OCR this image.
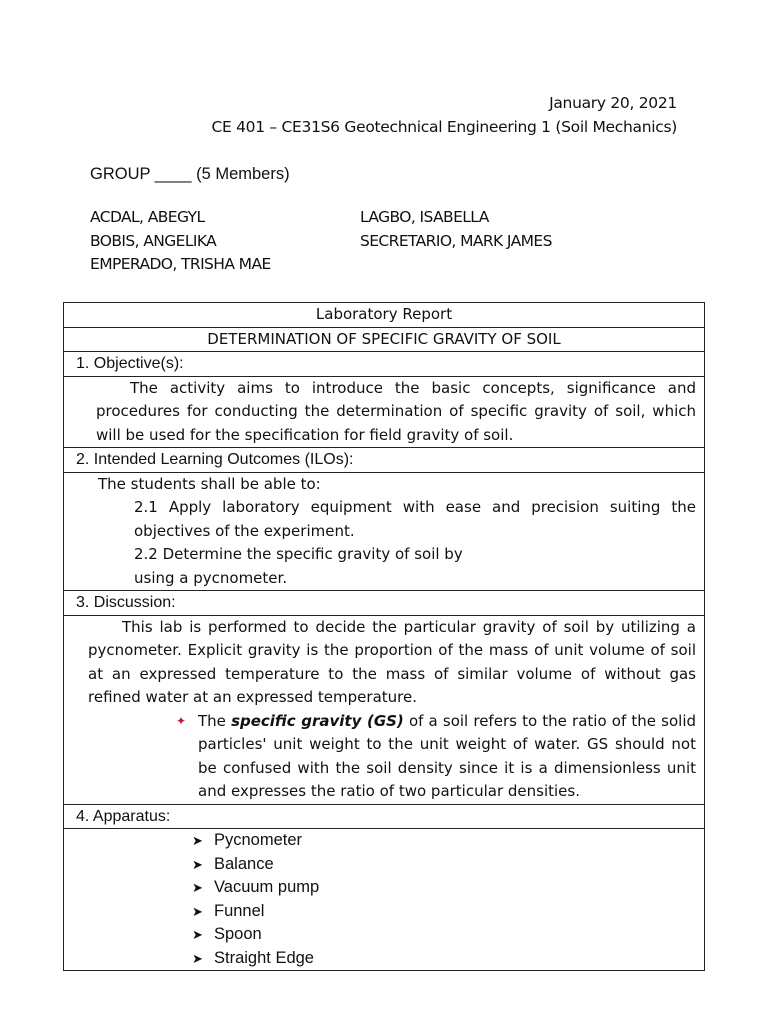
January 20, 2021
CE 401 – CE31S6 Geotechnical Engineering 1 (Soil Mechanics)
GROUP ____ (5 Members)
ACDAL, ABEGYL
BOBIS, ANGELIKA
EMPERADO, TRISHA MAE
LAGBO, ISABELLA
SECRETARIO, MARK JAMES
Laboratory Report
DETERMINATION OF SPECIFIC GRAVITY OF SOIL
1. Objective(s):

The activity aims to introduce the basic concepts, significance and procedures for conducting the determination of specific gravity of soil, which will be used for the specification for field gravity of soil.

2. Intended Learning Outcomes (ILOs):

The students shall be able to:
2.1 Apply laboratory equipment with ease and precision suiting the objectives of the experiment.
2.2 Determine the specific gravity of soil by
using a pycnometer.

3. Discussion:

This lab is performed to decide the particular gravity of soil by utilizing a pycnometer. Explicit gravity is the proportion of the mass of unit volume of soil at an expressed temperature to the mass of similar volume of without gas refined water at an expressed temperature.
✦ The specific gravity (GS) of a soil refers to the ratio of the solid particles' unit weight to the unit weight of water. GS should not be confused with the soil density since it is a dimensionless unit and expresses the ratio of two particular densities.

4. Apparatus:

➤ Pycnometer
➤ Balance
➤ Vacuum pump
➤ Funnel
➤ Spoon
➤ Straight Edge
